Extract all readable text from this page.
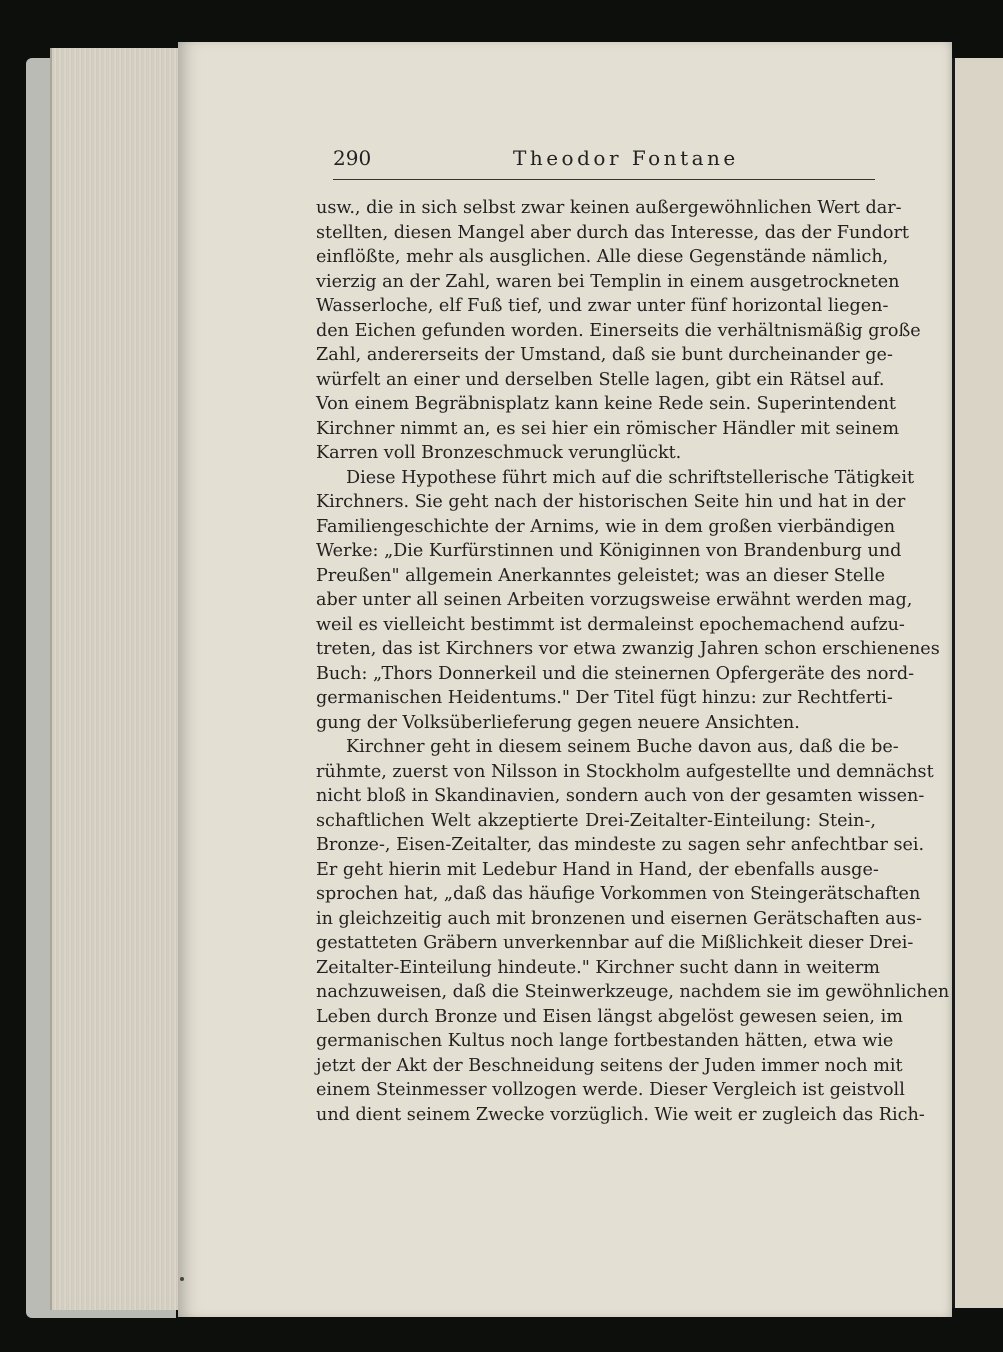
290	Theodor Fontane
usw., die in sich selbst zwar keinen außergewöhnlichen Wert dar-
stellten, diesen Mangel aber durch das Interesse, das der Fundort
einflößte, mehr als ausglichen. Alle diese Gegenstände nämlich,
vierzig an der Zahl, waren bei Templin in einem ausgetrockneten
Wasserloche, elf Fuß tief, und zwar unter fünf horizontal liegen-
den Eichen gefunden worden. Einerseits die verhältnismäßig große
Zahl, andererseits der Umstand, daß sie bunt durcheinander ge-
würfelt an einer und derselben Stelle lagen, gibt ein Rätsel auf.
Von einem Begräbnisplatz kann keine Rede sein. Superintendent
Kirchner nimmt an, es sei hier ein römischer Händler mit seinem
Karren voll Bronzeschmuck verunglückt.
Diese Hypothese führt mich auf die schriftstellerische Tätigkeit
Kirchners. Sie geht nach der historischen Seite hin und hat in der
Familiengeschichte der Arnims, wie in dem großen vierbändigen
Werke: „Die Kurfürstinnen und Königinnen von Brandenburg und
Preußen" allgemein Anerkanntes geleistet; was an dieser Stelle
aber unter all seinen Arbeiten vorzugsweise erwähnt werden mag,
weil es vielleicht bestimmt ist dermaleinst epochemachend aufzu-
treten, das ist Kirchners vor etwa zwanzig Jahren schon erschienenes
Buch: „Thors Donnerkeil und die steinernen Opfergeräte des nord-
germanischen Heidentums." Der Titel fügt hinzu: zur Rechtferti-
gung der Volksüberlieferung gegen neuere Ansichten.
Kirchner geht in diesem seinem Buche davon aus, daß die be-
rühmte, zuerst von Nilsson in Stockholm aufgestellte und demnächst
nicht bloß in Skandinavien, sondern auch von der gesamten wissen-
schaftlichen Welt akzeptierte Drei-Zeitalter-Einteilung: Stein-,
Bronze-, Eisen-Zeitalter, das mindeste zu sagen sehr anfechtbar sei.
Er geht hierin mit Ledebur Hand in Hand, der ebenfalls ausge-
sprochen hat, „daß das häufige Vorkommen von Steingerätschaften
in gleichzeitig auch mit bronzenen und eisernen Gerätschaften aus-
gestatteten Gräbern unverkennbar auf die Mißlichkeit dieser Drei-
Zeitalter-Einteilung hindeute." Kirchner sucht dann in weiterm
nachzuweisen, daß die Steinwerkzeuge, nachdem sie im gewöhnlichen
Leben durch Bronze und Eisen längst abgelöst gewesen seien, im
germanischen Kultus noch lange fortbestanden hätten, etwa wie
jetzt der Akt der Beschneidung seitens der Juden immer noch mit
einem Steinmesser vollzogen werde. Dieser Vergleich ist geistvoll
und dient seinem Zwecke vorzüglich. Wie weit er zugleich das Rich-
